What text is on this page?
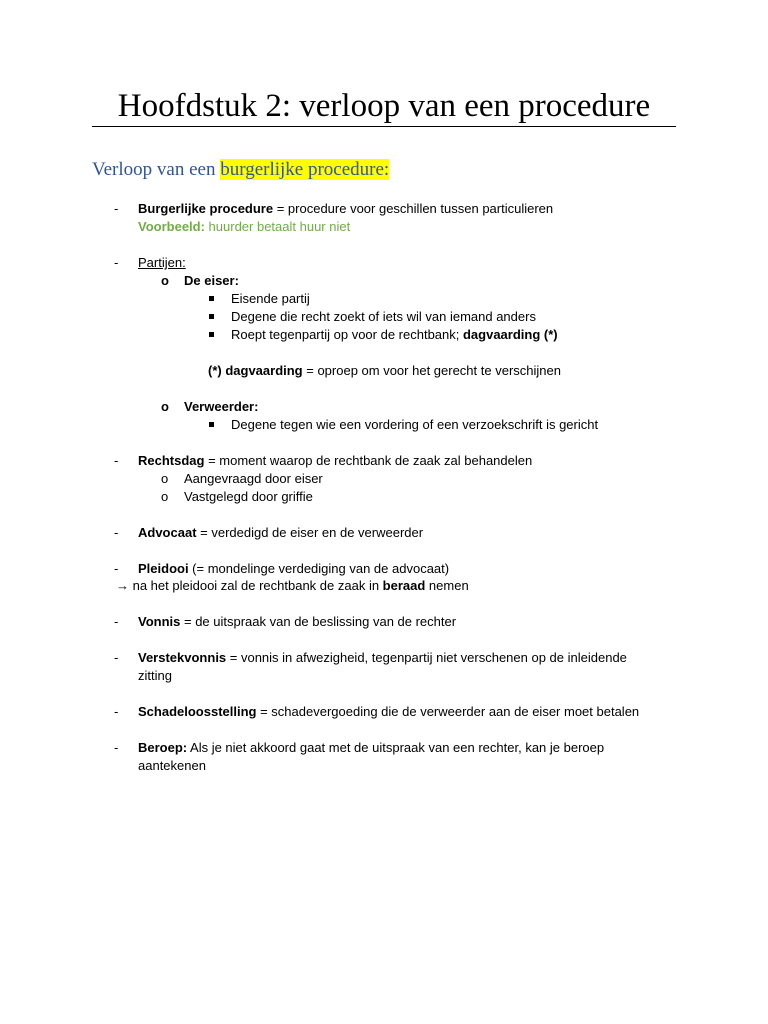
Hoofdstuk 2: verloop van een procedure
Verloop van een burgerlijke procedure:
- Burgerlijke procedure = procedure voor geschillen tussen particulieren
Voorbeeld: huurder betaalt huur niet
- Partijen:
o De eiser:
Eisende partij
Degene die recht zoekt of iets wil van iemand anders
Roept tegenpartij op voor de rechtbank; dagvaarding (*)
(*) dagvaarding = oproep om voor het gerecht te verschijnen
o Verweerder:
Degene tegen wie een vordering of een verzoekschrift is gericht
- Rechtsdag = moment waarop de rechtbank de zaak zal behandelen
o Aangevraagd door eiser
o Vastgelegd door griffie
- Advocaat = verdedigd de eiser en de verweerder
- Pleidooi (= mondelinge verdediging van de advocaat)
→ na het pleidooi zal de rechtbank de zaak in beraad nemen
- Vonnis = de uitspraak van de beslissing van de rechter
- Verstekvonnis = vonnis in afwezigheid, tegenpartij niet verschenen op de inleidende
zitting
- Schadeloosstelling = schadevergoeding die de verweerder aan de eiser moet betalen
- Beroep: Als je niet akkoord gaat met de uitspraak van een rechter, kan je beroep
aantekenen
